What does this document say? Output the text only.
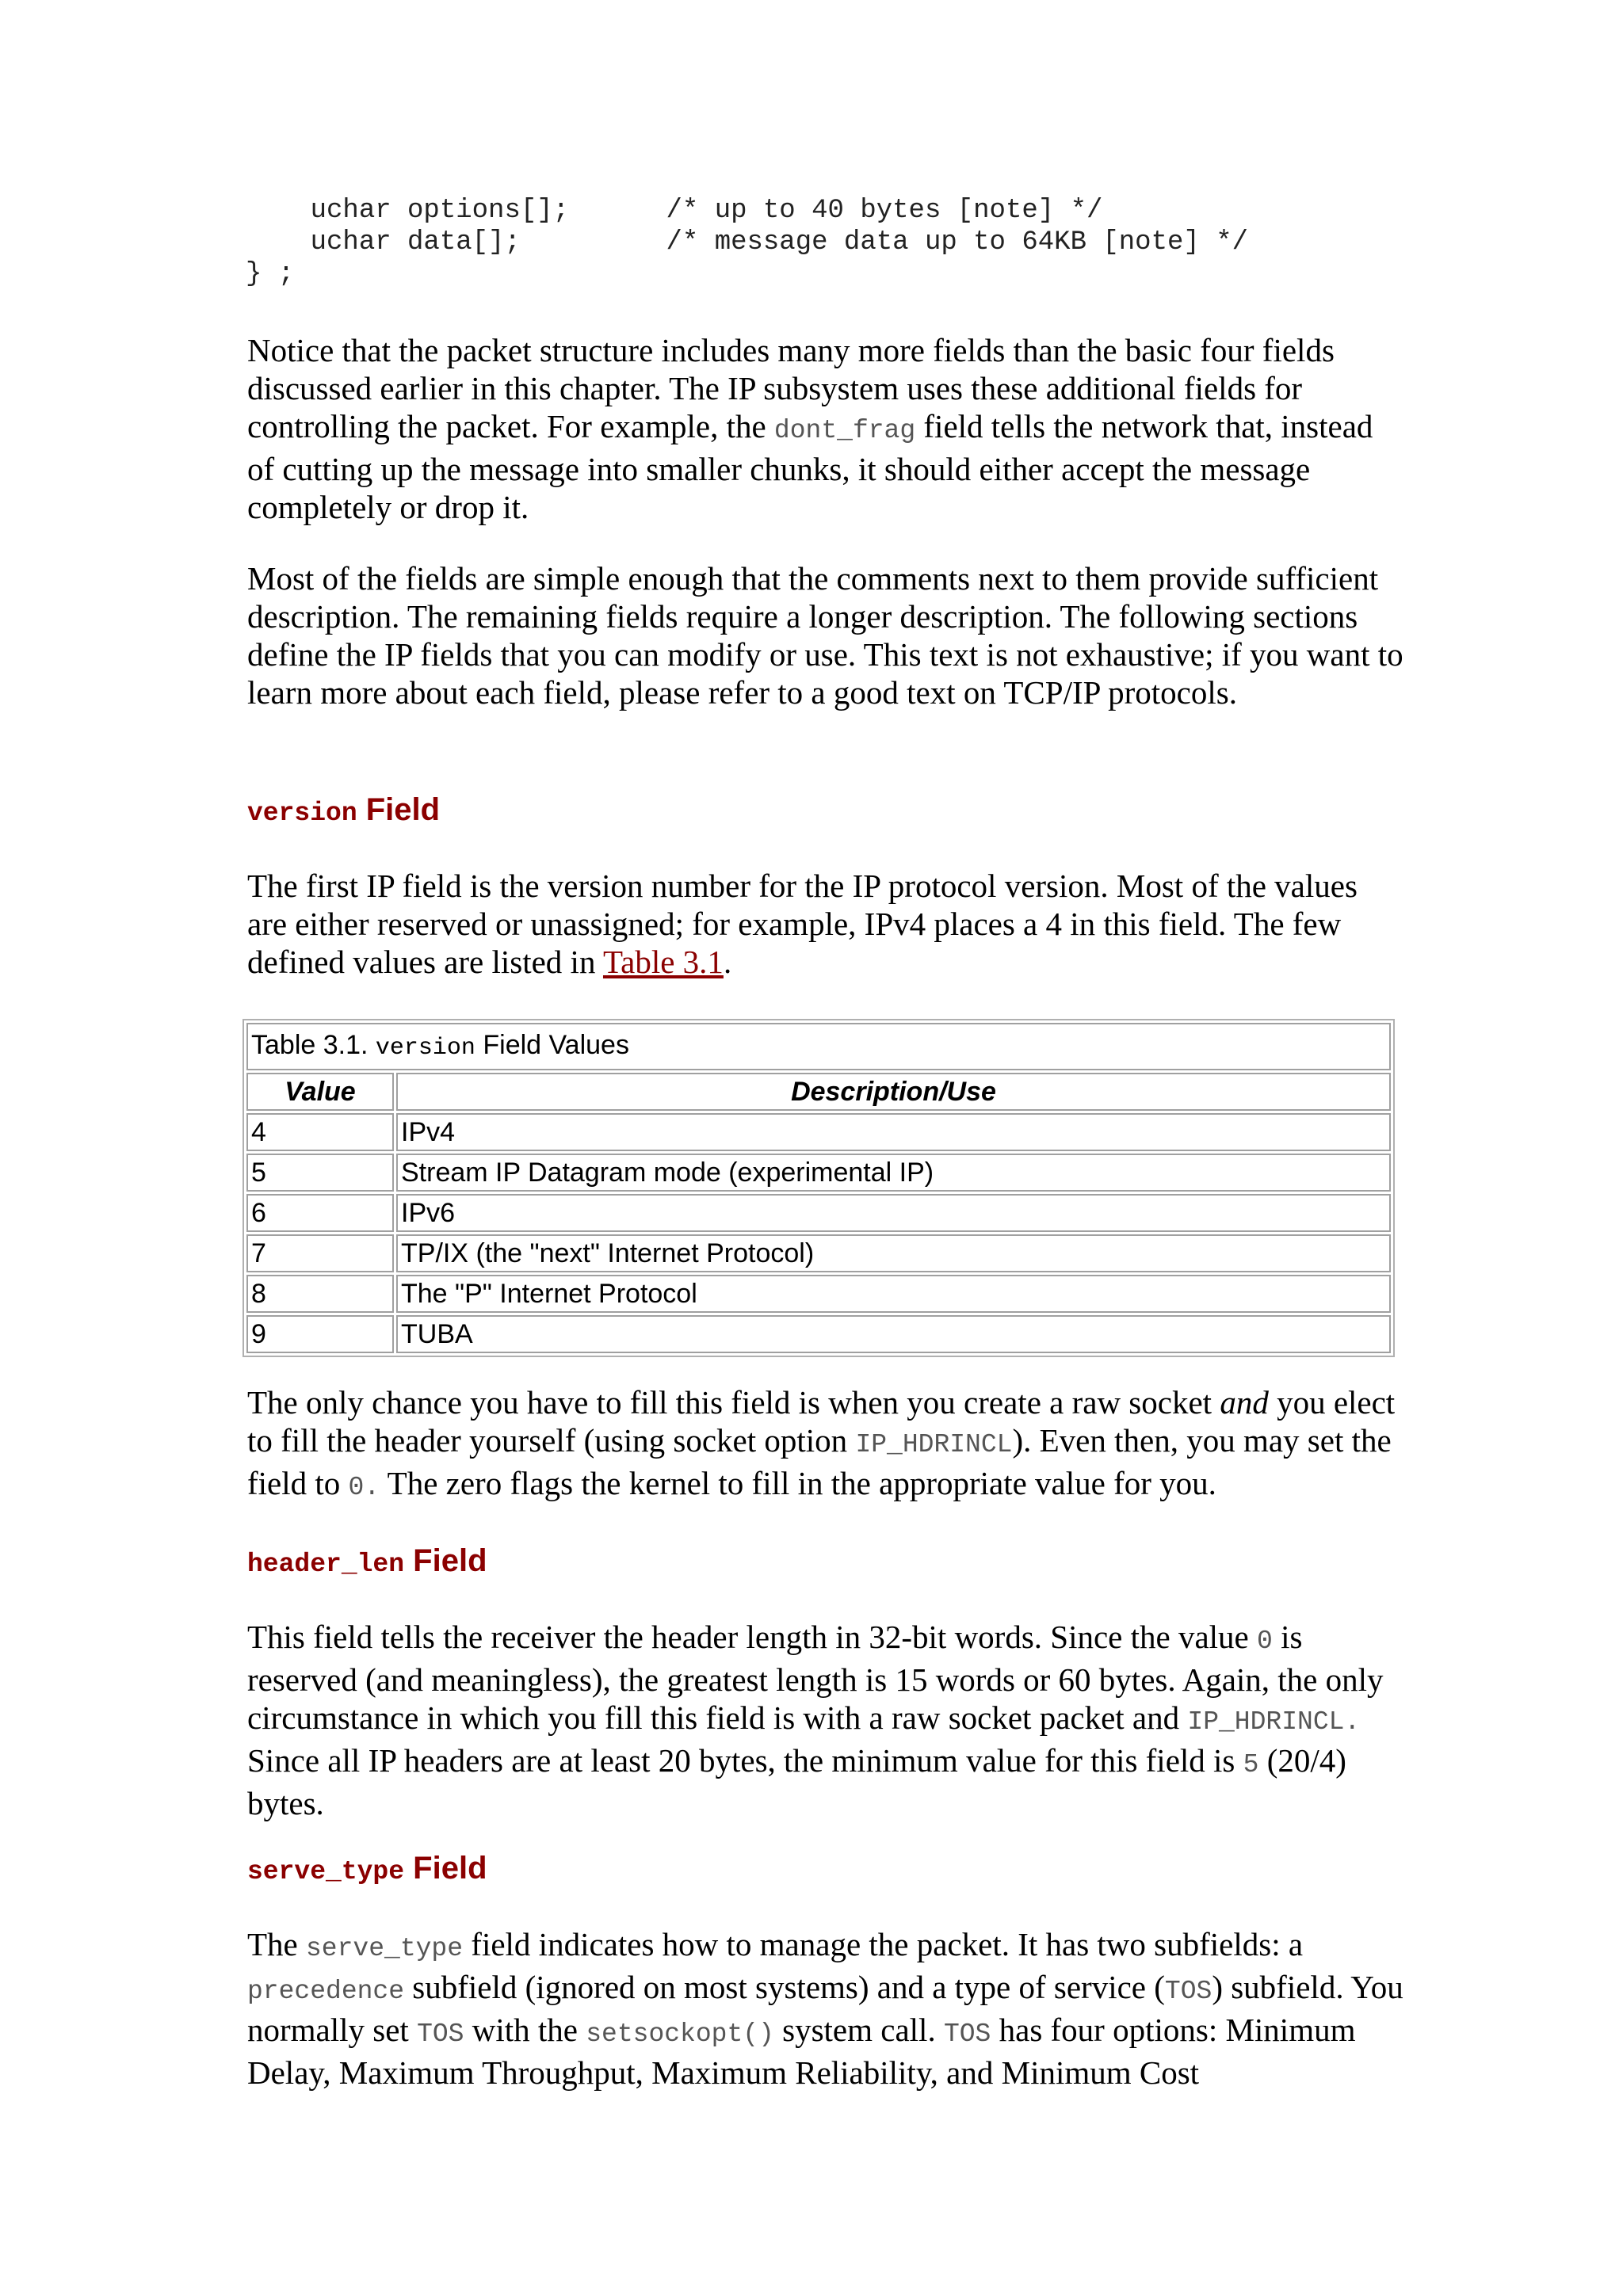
uchar options[];      /* up to 40 bytes [note] */
uchar data[];         /* message data up to 64KB [note] */
} ;

Notice that the packet structure includes many more fields than the basic four fields discussed earlier in this chapter. The IP subsystem uses these additional fields for controlling the packet. For example, the dont_frag field tells the network that, instead of cutting up the message into smaller chunks, it should either accept the message completely or drop it.

Most of the fields are simple enough that the comments next to them provide sufficient description. The remaining fields require a longer description. The following sections define the IP fields that you can modify or use. This text is not exhaustive; if you want to learn more about each field, please refer to a good text on TCP/IP protocols.

version Field

The first IP field is the version number for the IP protocol version. Most of the values are either reserved or unassigned; for example, IPv4 places a 4 in this field. The few defined values are listed in Table 3.1.

Table 3.1. version Field Values	
Value	Description/Use
4	IPv4
5	Stream IP Datagram mode (experimental IP)
6	IPv6
7	TP/IX (the "next" Internet Protocol)
8	The "P" Internet Protocol
9	TUBA

The only chance you have to fill this field is when you create a raw socket and you elect to fill the header yourself (using socket option IP_HDRINCL). Even then, you may set the field to 0. The zero flags the kernel to fill in the appropriate value for you.

header_len Field

This field tells the receiver the header length in 32-bit words. Since the value 0 is reserved (and meaningless), the greatest length is 15 words or 60 bytes. Again, the only circumstance in which you fill this field is with a raw socket packet and IP_HDRINCL. Since all IP headers are at least 20 bytes, the minimum value for this field is 5 (20/4) bytes.

serve_type Field

The serve_type field indicates how to manage the packet. It has two subfields: a precedence subfield (ignored on most systems) and a type of service (TOS) subfield. You normally set TOS with the setsockopt() system call. TOS has four options: Minimum Delay, Maximum Throughput, Maximum Reliability, and Minimum Cost
